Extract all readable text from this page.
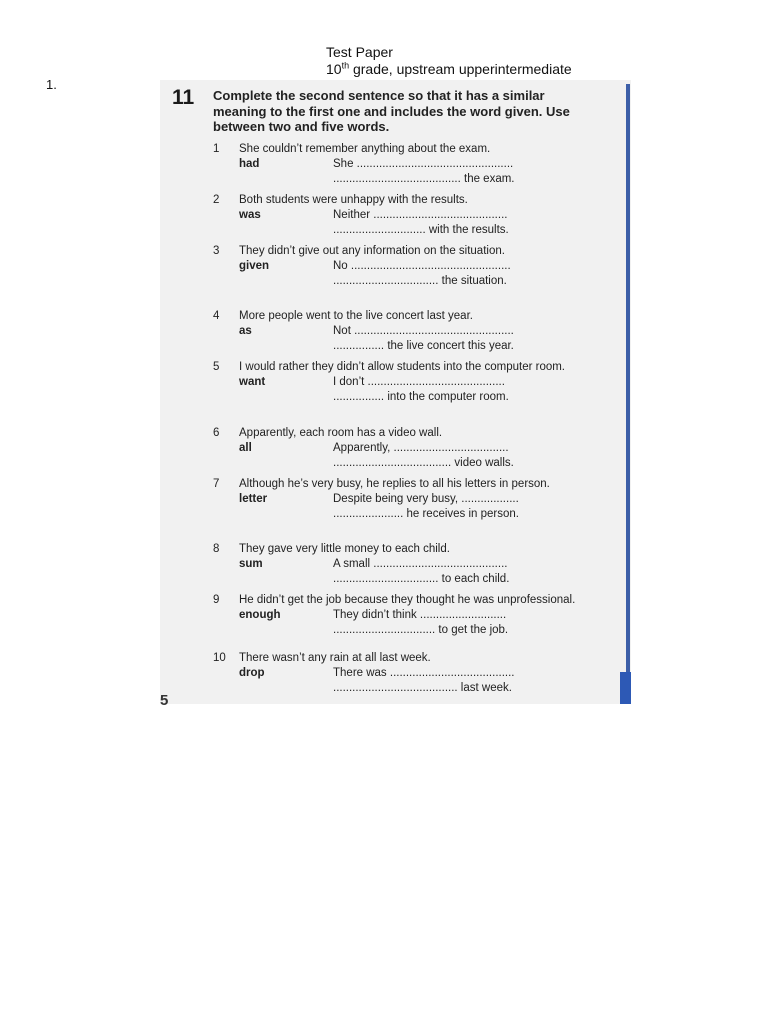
Test Paper
10th grade, upstream upperintermediate
1.
5
11 Complete the second sentence so that it has a similar meaning to the first one and includes the word given. Use between two and five words.
1	She couldn’t remember anything about the exam.
had	She .................................................
........................................ the exam.
2	Both students were unhappy with the results.
was	Neither ..........................................
............................. with the results.
3	They didn’t give out any information on the situation.
given	No ..................................................
................................. the situation.
4	More people went to the live concert last year.
as	Not ..................................................
................ the live concert this year.
5	I would rather they didn’t allow students into the computer room.
want	I don’t ...........................................
................ into the computer room.
6	Apparently, each room has a video wall.
all	Apparently, ....................................
..................................... video walls.
7	Although he’s very busy, he replies to all his letters in person.
letter	Despite being very busy, ..................
...................... he receives in person.
8	They gave very little money to each child.
sum	A small ..........................................
................................. to each child.
9	He didn’t get the job because they thought he was unprofessional.
enough	They didn’t think ...........................
................................ to get the job.
10	There wasn’t any rain at all last week.
drop	There was .......................................
....................................... last week.
